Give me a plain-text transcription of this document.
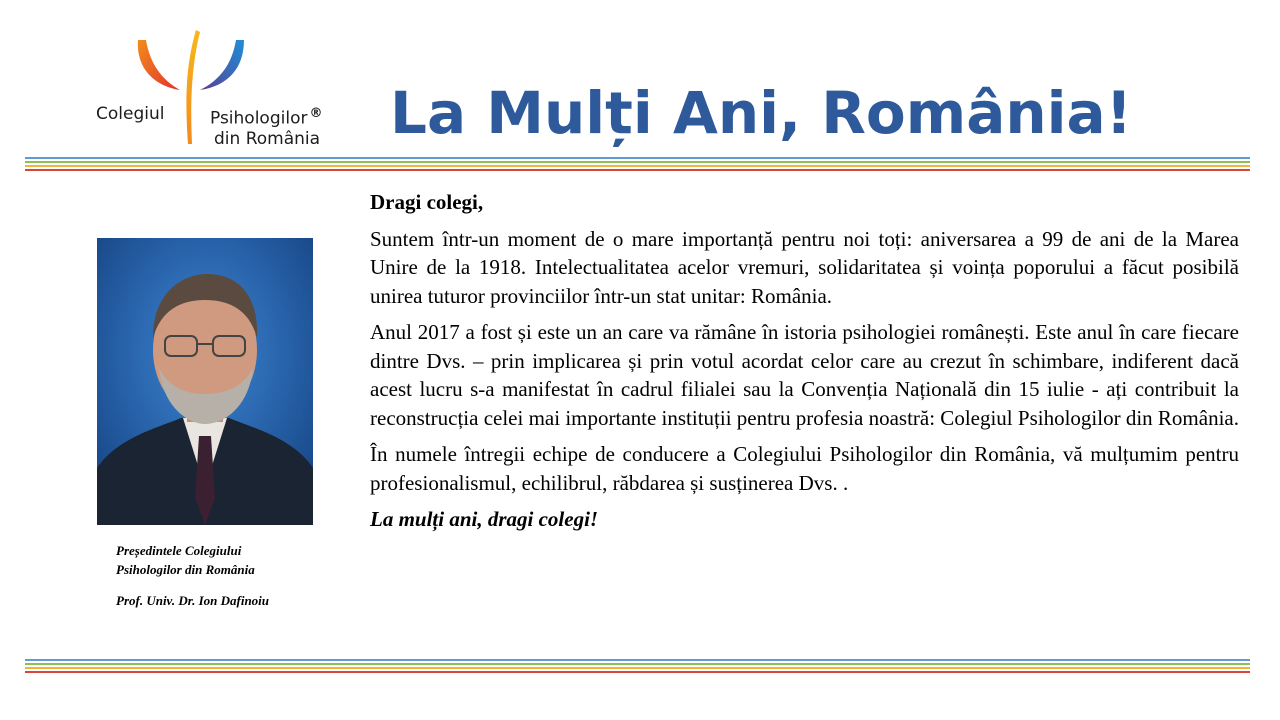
Colegiul	Psihologilor ®
din România La Mulți Ani, România!
Președintele Colegiului
Psihologilor din România
Prof. Univ. Dr. Ion Dafinoiu

Dragi colegi,

Suntem într-un moment de o mare importanță pentru noi toți: aniversarea a 99 de ani de la Marea Unire de la 1918. Intelectualitatea acelor vremuri, solidaritatea și voința poporului a făcut posibilă unirea tuturor provinciilor într-un stat unitar: România.

Anul 2017 a fost și este un an care va rămâne în istoria psihologiei românești. Este anul în care fiecare dintre Dvs. – prin implicarea și prin votul acordat celor care au crezut în schimbare, indiferent dacă acest lucru s-a manifestat în cadrul filialei sau la Convenția Națională din 15 iulie - ați contribuit la reconstrucția celei mai importante instituții pentru profesia noastră: Colegiul Psihologilor din România.

În numele întregii echipe de conducere a Colegiului Psihologilor din România, vă mulțumim pentru profesionalismul, echilibrul, răbdarea și susținerea Dvs. .

La mulți ani, dragi colegi!
